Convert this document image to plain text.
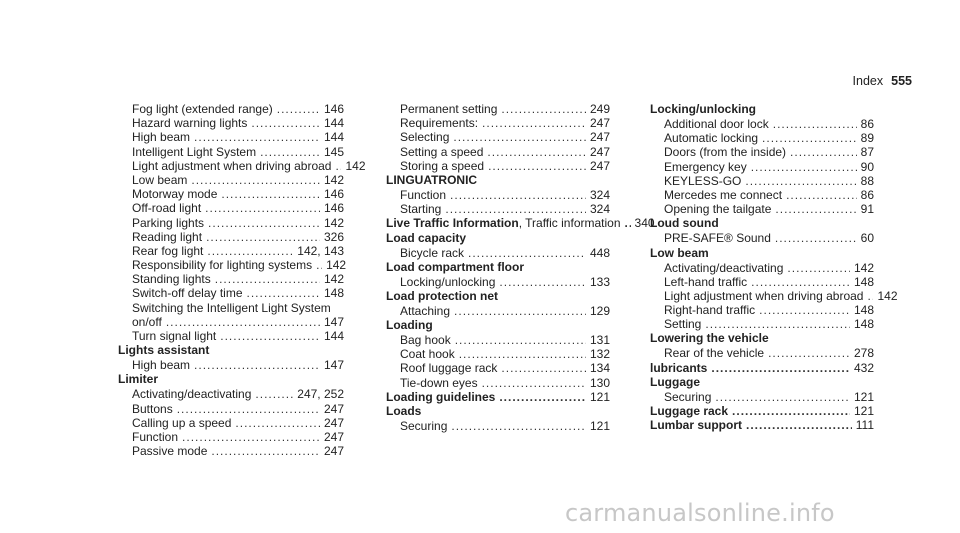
Index 555
Fog light (extended range) .....	146
Hazard warning lights .....	144
High beam .....	144
Intelligent Light System .....	145
Light adjustment when driving abroad ..... 142
Low beam .....	142
Motorway mode .....	146
Off-road light .....	146
Parking lights .....	142
Reading light .....	326
Rear fog light .....	142, 143
Responsibility for lighting systems ..... 142
Standing lights .....	142
Switch-off delay time .....	148
Switching the Intelligent Light System
on/off .....	147
Turn signal light .....	144
Lights assistant
High beam .....	147
Limiter
Activating/deactivating .....	247, 252
Buttons .....	247
Calling up a speed .....	247
Function .....	247
Passive mode .....	247
Permanent setting .....	249
Requirements: .....	247
Selecting .....	247
Setting a speed .....	247
Storing a speed .....	247
LINGUATRONIC
Function .....	324
Starting .....	324
Live Traffic Information , Traffic information ..... 340
Load capacity
Bicycle rack .....	448
Load compartment floor
Locking/unlocking .....	133
Load protection net
Attaching .....	129
Loading
Bag hook .....	131
Coat hook .....	132
Roof luggage rack .....	134
Tie-down eyes .....	130
Loading guidelines .....	121
Loads
Securing .....	121
Locking/unlocking
Additional door lock .....	86
Automatic locking .....	89
Doors (from the inside) .....	87
Emergency key .....	90
KEYLESS-GO .....	88
Mercedes me connect .....	86
Opening the tailgate .....	91
Loud sound
PRE-SAFE® Sound .....	60
Low beam
Activating/deactivating .....	142
Left-hand traffic .....	148
Light adjustment when driving abroad ..... 142
Right-hand traffic .....	148
Setting .....	148
Lowering the vehicle
Rear of the vehicle .....	278
lubricants .....	432
Luggage
Securing .....	121
Luggage rack .....	121
Lumbar support .....	111
carmanualsonline.info
